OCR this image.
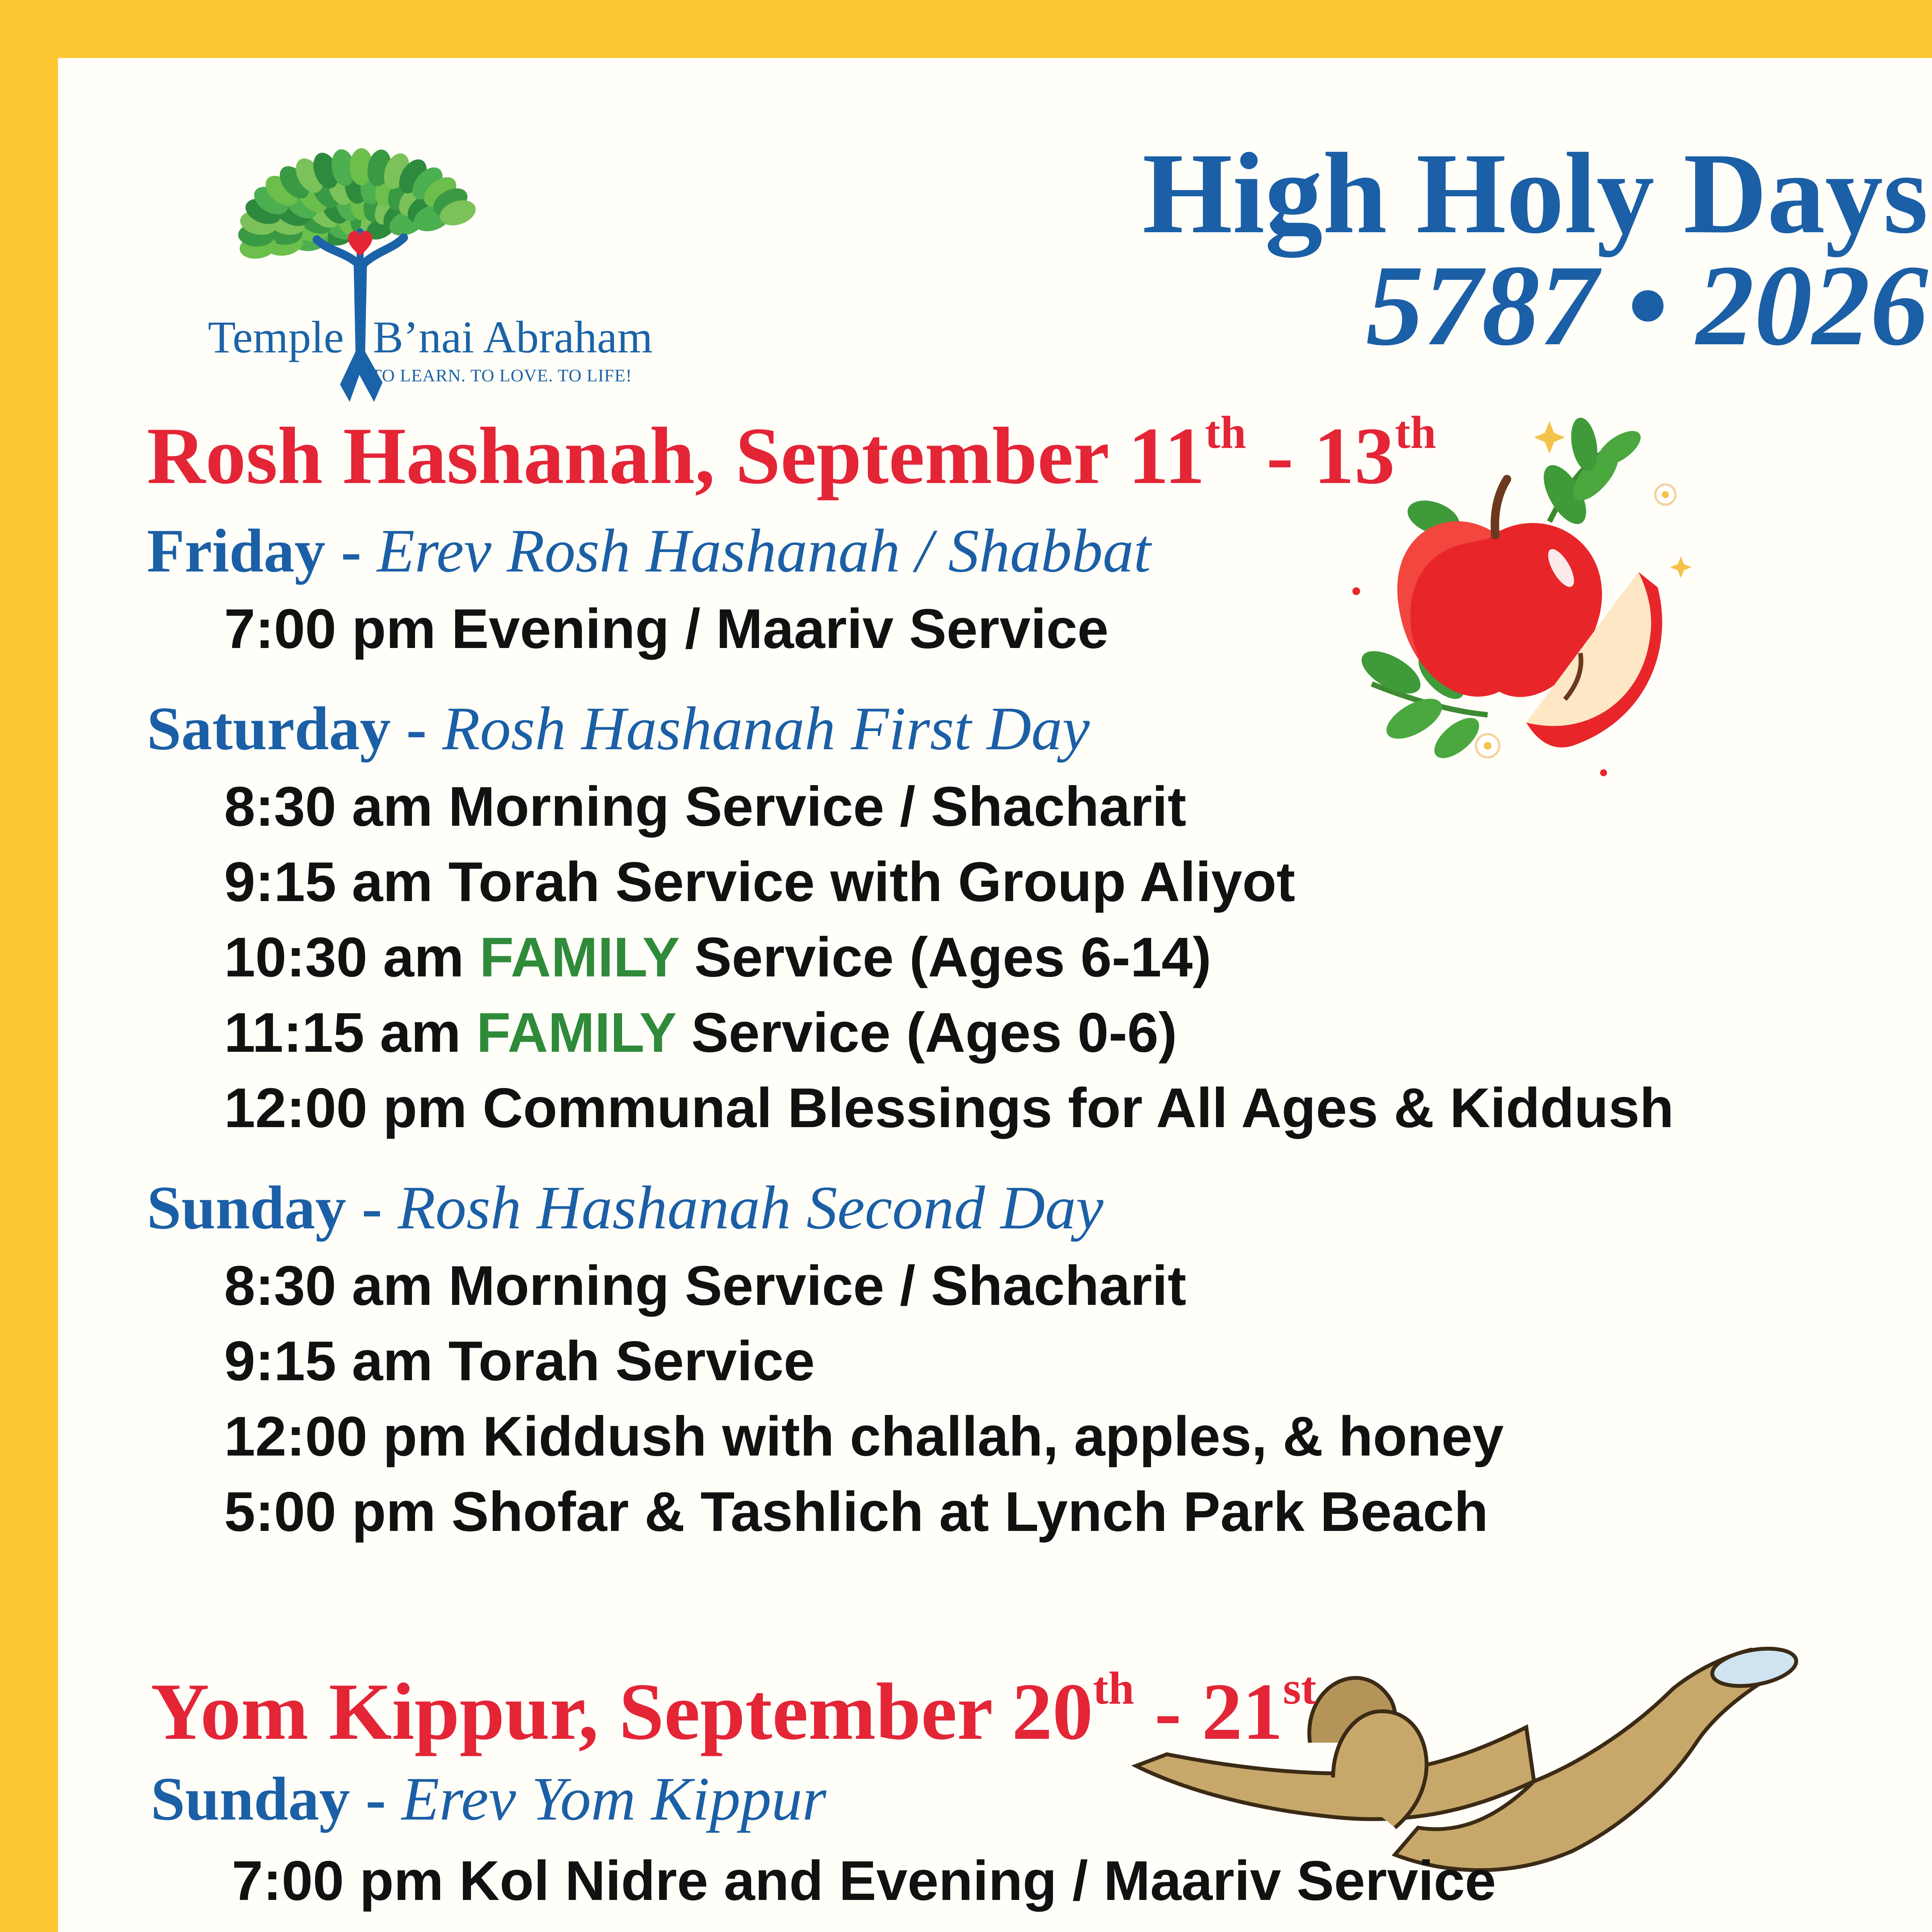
Temple B’nai Abraham
TO LEARN. TO LOVE. TO LIFE!
High Holy Days
5787 • 2026
Rosh Hashanah, September 11th - 13th
Friday - Erev Rosh Hashanah / Shabbat
7:00 pm Evening / Maariv Service
Saturday - Rosh Hashanah First Day
8:30 am Morning Service / Shacharit
9:15 am Torah Service with Group Aliyot
10:30 am FAMILY Service (Ages 6-14)
11:15 am FAMILY Service (Ages 0-6)
12:00 pm Communal Blessings for All Ages & Kiddush
Sunday - Rosh Hashanah Second Day
8:30 am Morning Service / Shacharit
9:15 am Torah Service
12:00 pm Kiddush with challah, apples, & honey
5:00 pm Shofar & Tashlich at Lynch Park Beach
Yom Kippur, September 20th - 21st
Sunday - Erev Yom Kippur
7:00 pm Kol Nidre and Evening / Maariv Service
